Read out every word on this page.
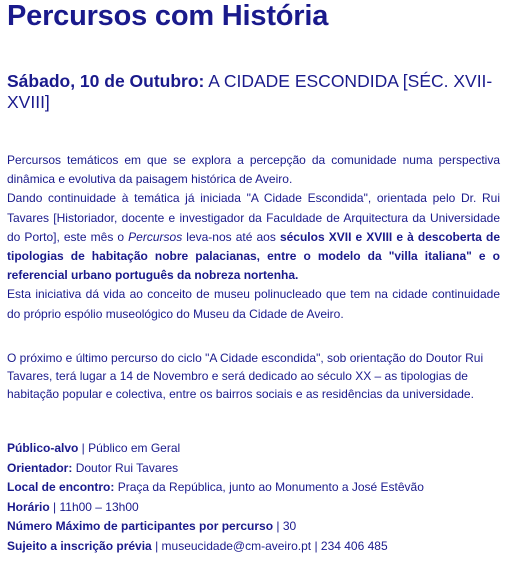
Percursos com História

Sábado, 10 de Outubro: A CIDADE ESCONDIDA [SÉC. XVII-XVIII]

Percursos temáticos em que se explora a percepção da comunidade numa perspectiva dinâmica e evolutiva da paisagem histórica de Aveiro.

Dando continuidade à temática já iniciada "A Cidade Escondida", orientada pelo Dr. Rui Tavares [Historiador, docente e investigador da Faculdade de Arquitectura da Universidade do Porto], este mês o Percursos leva-nos até aos séculos XVII e XVIII e à descoberta de tipologias de habitação nobre palacianas, entre o modelo da "villa italiana" e o referencial urbano português da nobreza nortenha.

Esta iniciativa dá vida ao conceito de museu polinucleado que tem na cidade continuidade do próprio espólio museológico do Museu da Cidade de Aveiro.

O próximo e último percurso do ciclo "A Cidade escondida", sob orientação do Doutor Rui Tavares, terá lugar a 14 de Novembro e será dedicado ao século XX – as tipologias de habitação popular e colectiva, entre os bairros sociais e as residências da universidade.

Público-alvo | Público em Geral
Orientador: Doutor Rui Tavares
Local de encontro: Praça da República, junto ao Monumento a José Estêvão
Horário | 11h00 – 13h00
Número Máximo de participantes por percurso | 30
Sujeito a inscrição prévia | museucidade@cm-aveiro.pt | 234 406 485
